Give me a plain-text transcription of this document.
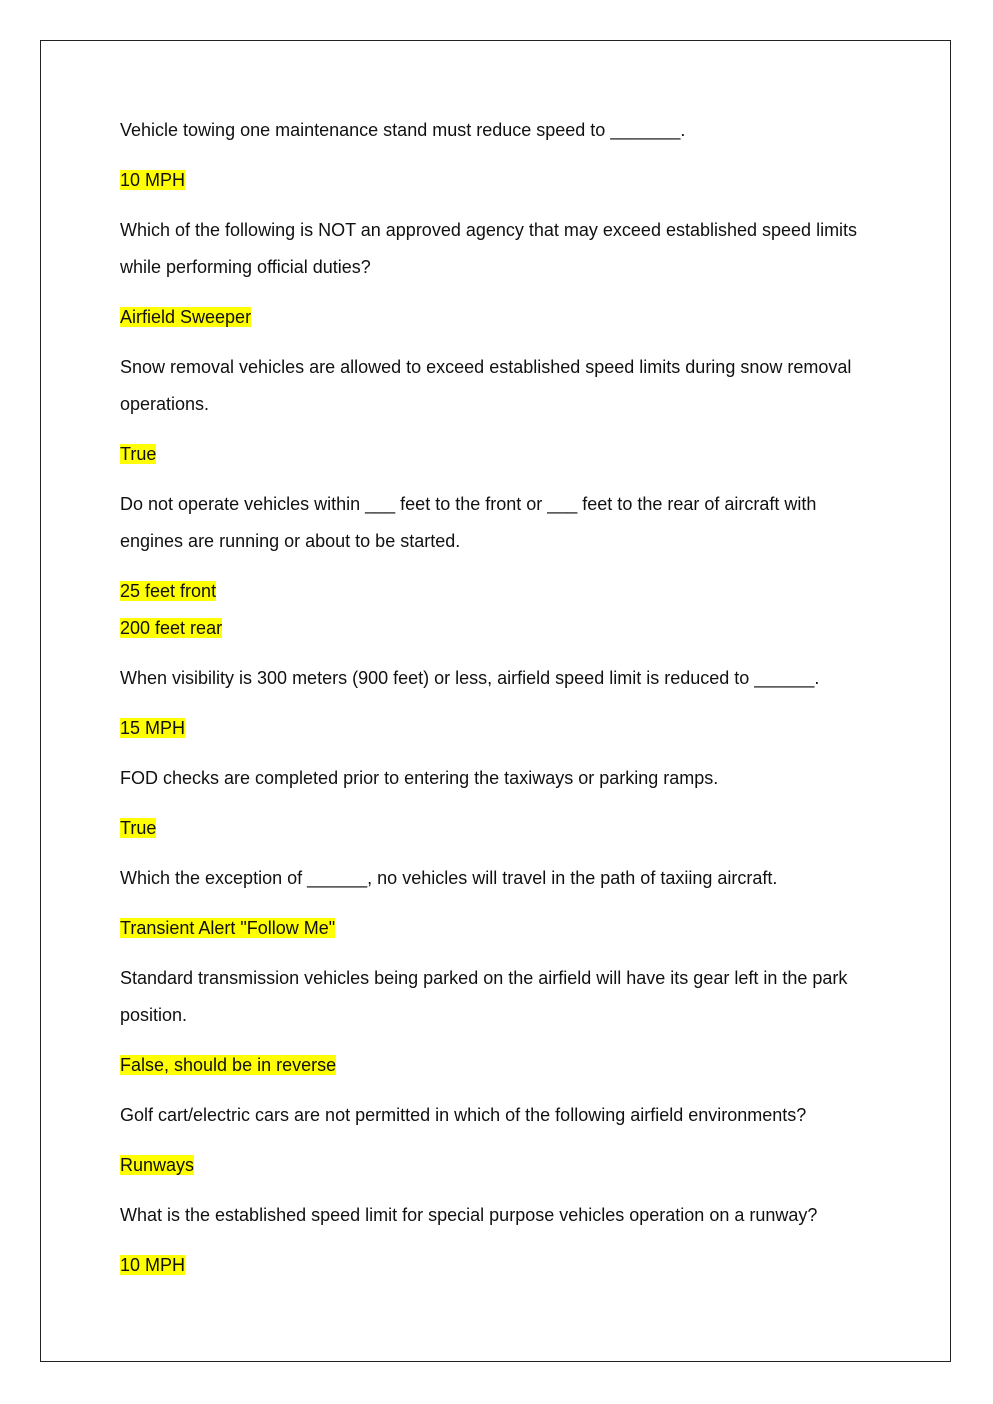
Vehicle towing one maintenance stand must reduce speed to _______.

10 MPH

Which of the following is NOT an approved agency that may exceed established speed limits while performing official duties?

Airfield Sweeper

Snow removal vehicles are allowed to exceed established speed limits during snow removal operations.

True

Do not operate vehicles within ___ feet to the front or ___ feet to the rear of aircraft with engines are running or about to be started.

25 feet front

200 feet rear

When visibility is 300 meters (900 feet) or less, airfield speed limit is reduced to ______.

15 MPH

FOD checks are completed prior to entering the taxiways or parking ramps.

True

Which the exception of ______, no vehicles will travel in the path of taxiing aircraft.

Transient Alert "Follow Me"

Standard transmission vehicles being parked on the airfield will have its gear left in the park position.

False, should be in reverse

Golf cart/electric cars are not permitted in which of the following airfield environments?

Runways

What is the established speed limit for special purpose vehicles operation on a runway?

10 MPH
